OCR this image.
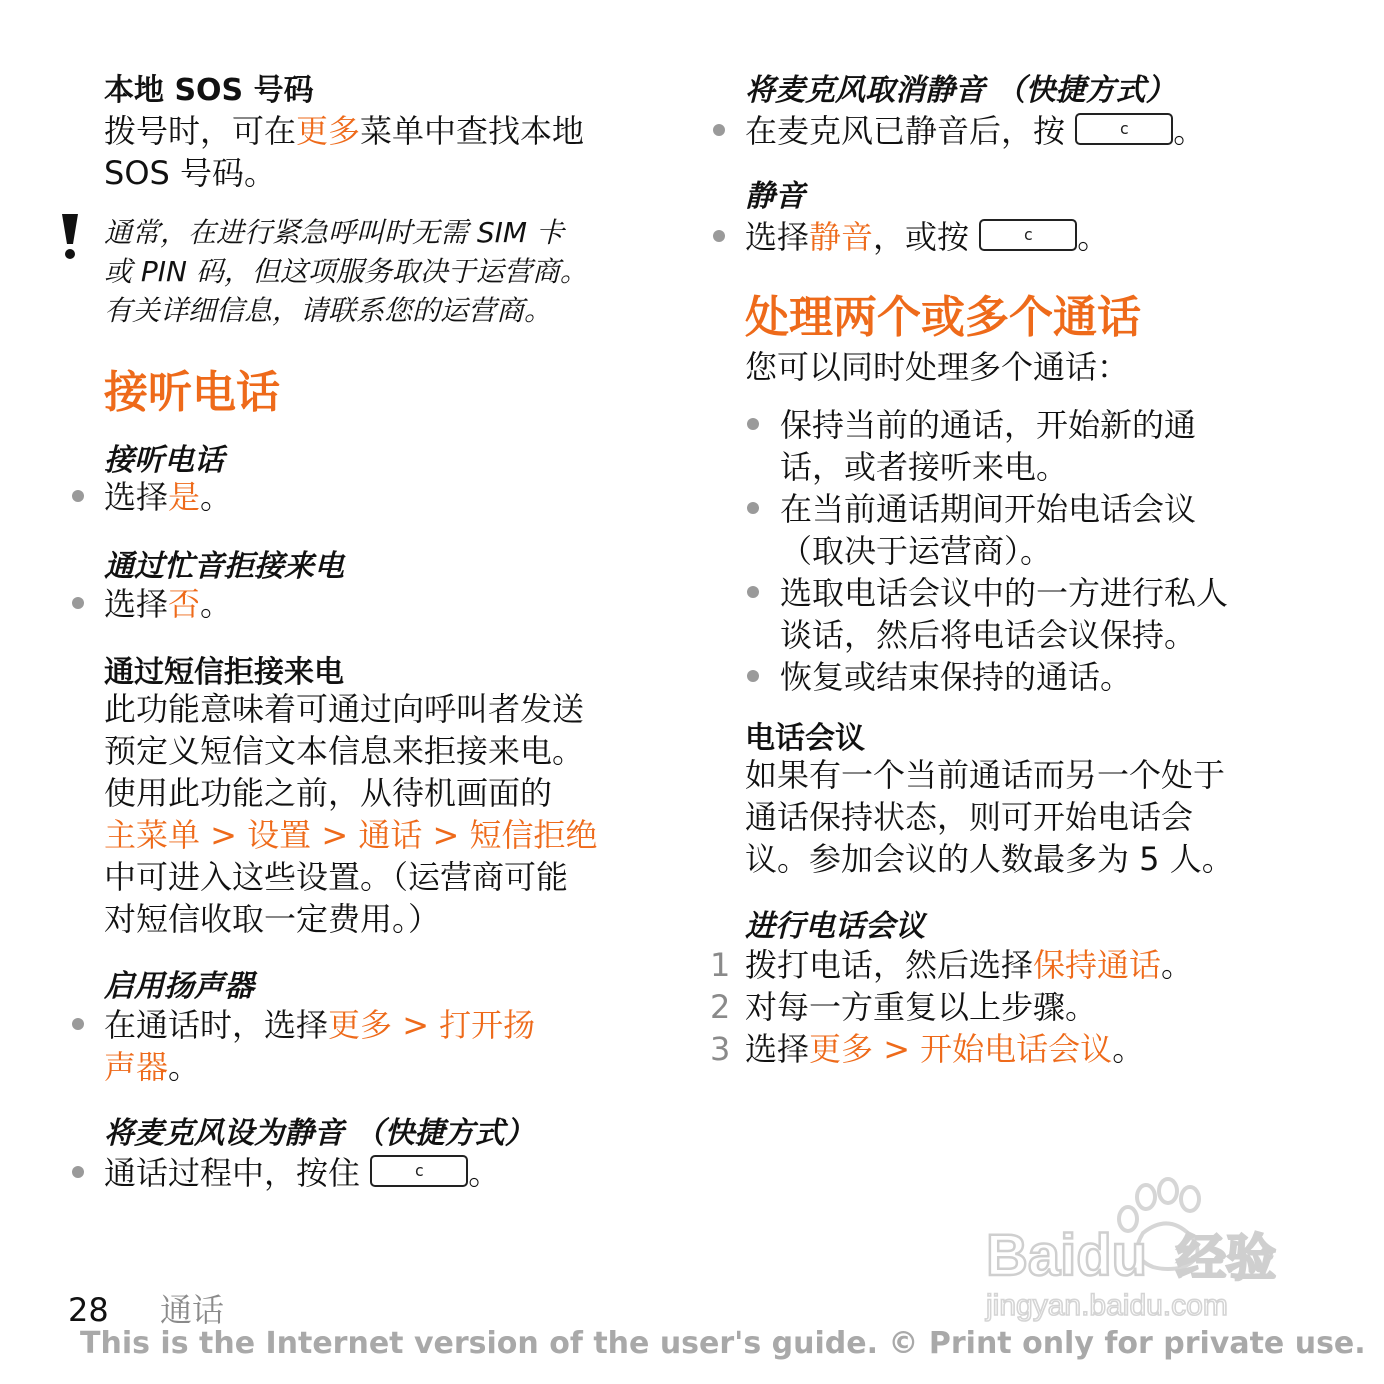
本地 SOS 号码
拨号时，可在更多菜单中查找本地
SOS 号码。
通常，在进行紧急呼叫时无需 SIM 卡
或 PIN 码，但这项服务取决于运营商。
有关详细信息，请联系您的运营商。
接听电话
接听电话
选择是。
通过忙音拒接来电
选择否。
通过短信拒接来电
此功能意味着可通过向呼叫者发送
预定义短信文本信息来拒接来电。
使用此功能之前，从待机画面的
主菜单 > 设置 > 通话 > 短信拒绝
中可进入这些设置。（运营商可能
对短信收取一定费用。）
启用扬声器
在通话时，选择更多 > 打开扬
声器。
将麦克风设为静音 （快捷方式）
通话过程中，按住	c 。
将麦克风取消静音 （快捷方式）
在麦克风已静音后，按	c 。
静音
选择静音，或按	c 。
处理两个或多个通话
您可以同时处理多个通话：
保持当前的通话，开始新的通
话，或者接听来电。
在当前通话期间开始电话会议
（取决于运营商）。
选取电话会议中的一方进行私人
谈话，然后将电话会议保持。
恢复或结束保持的通话。
电话会议
如果有一个当前通话而另一个处于
通话保持状态，则可开始电话会
议。参加会议的人数最多为 5 人。
进行电话会议
1 拨打电话，然后选择保持通话。
2 对每一方重复以上步骤。
3 选择更多 > 开始电话会议。
Baidu 经验
jingyan.baidu.com
28 通话
This is the Internet version of the user's guide. © Print only for private use.
